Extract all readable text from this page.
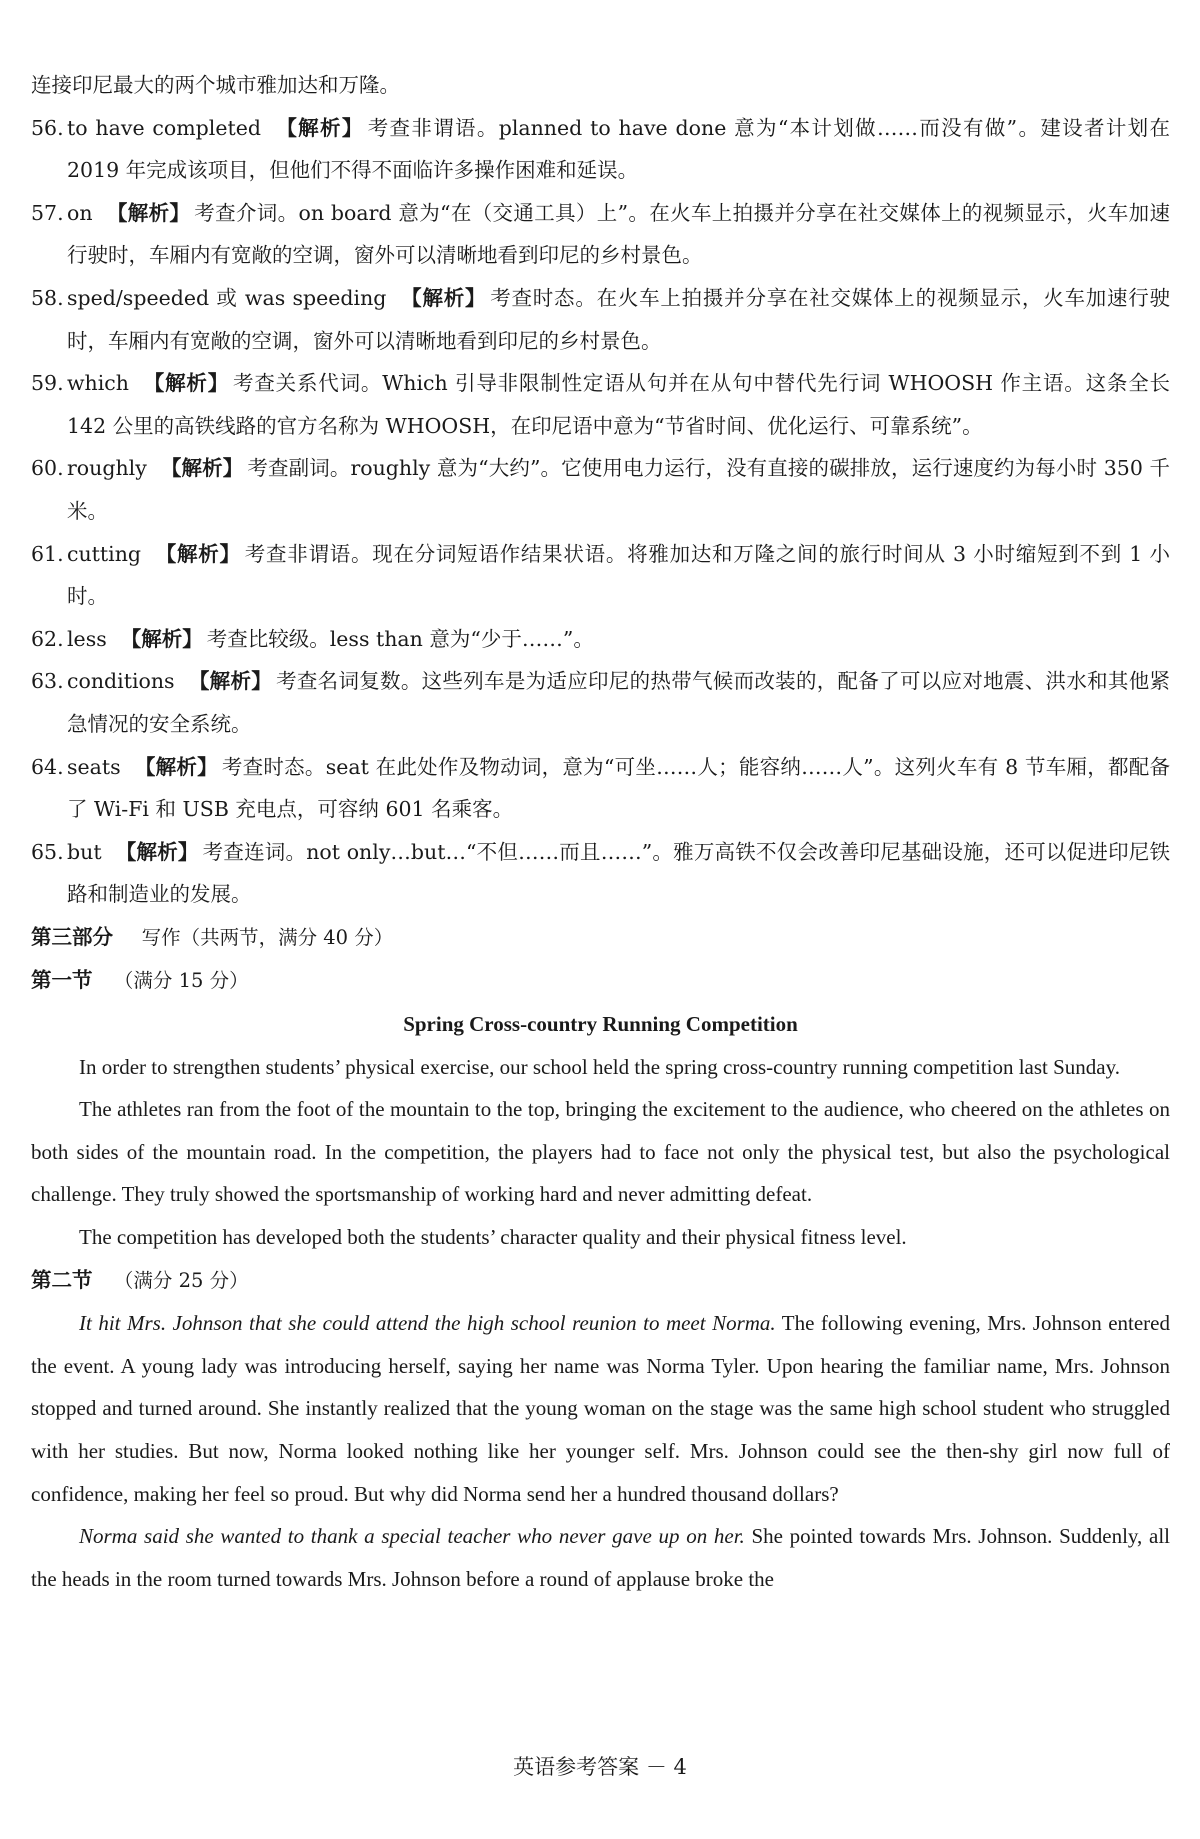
连接印尼最大的两个城市雅加达和万隆。
56. to have completed 【解析】 考查非谓语。planned to have done 意为“本计划做……而没有做”。建设者计划在 2019 年完成该项目，但他们不得不面临许多操作困难和延误。
57. on 【解析】 考查介词。on board 意为“在（交通工具）上”。在火车上拍摄并分享在社交媒体上的视频显示，火车加速行驶时，车厢内有宽敞的空调，窗外可以清晰地看到印尼的乡村景色。
58. sped/speeded 或 was speeding 【解析】 考查时态。在火车上拍摄并分享在社交媒体上的视频显示，火车加速行驶时，车厢内有宽敞的空调，窗外可以清晰地看到印尼的乡村景色。
59. which 【解析】 考查关系代词。Which 引导非限制性定语从句并在从句中替代先行词 WHOOSH 作主语。这条全长 142 公里的高铁线路的官方名称为 WHOOSH，在印尼语中意为“节省时间、优化运行、可靠系统”。
60. roughly 【解析】 考查副词。roughly 意为“大约”。它使用电力运行，没有直接的碳排放，运行速度约为每小时 350 千米。
61. cutting 【解析】 考查非谓语。现在分词短语作结果状语。将雅加达和万隆之间的旅行时间从 3 小时缩短到不到 1 小时。
62. less 【解析】 考查比较级。less than 意为“少于……”。
63. conditions 【解析】 考查名词复数。这些列车是为适应印尼的热带气候而改装的，配备了可以应对地震、洪水和其他紧急情况的安全系统。
64. seats 【解析】 考查时态。seat 在此处作及物动词，意为“可坐……人；能容纳……人”。这列火车有 8 节车厢，都配备了 Wi-Fi 和 USB 充电点，可容纳 601 名乘客。
65. but 【解析】 考查连词。not only…but…“不但……而且……”。雅万高铁不仅会改善印尼基础设施，还可以促进印尼铁路和制造业的发展。
第三部分 写作（共两节，满分 40 分）
第一节 （满分 15 分）
Spring Cross-country Running Competition
In order to strengthen students’ physical exercise, our school held the spring cross-country running competition last Sunday.
The athletes ran from the foot of the mountain to the top, bringing the excitement to the audience, who cheered on the athletes on both sides of the mountain road. In the competition, the players had to face not only the physical test, but also the psychological challenge. They truly showed the sportsmanship of working hard and never admitting defeat.
The competition has developed both the students’ character quality and their physical fitness level.
第二节 （满分 25 分）
It hit Mrs. Johnson that she could attend the high school reunion to meet Norma. The following evening, Mrs. Johnson entered the event. A young lady was introducing herself, saying her name was Norma Tyler. Upon hearing the familiar name, Mrs. Johnson stopped and turned around. She instantly realized that the young woman on the stage was the same high school student who struggled with her studies. But now, Norma looked nothing like her younger self. Mrs. Johnson could see the then-shy girl now full of confidence, making her feel so proud. But why did Norma send her a hundred thousand dollars?
Norma said she wanted to thank a special teacher who never gave up on her. She pointed towards Mrs. Johnson. Suddenly, all the heads in the room turned towards Mrs. Johnson before a round of applause broke the
英语参考答案 － 4
